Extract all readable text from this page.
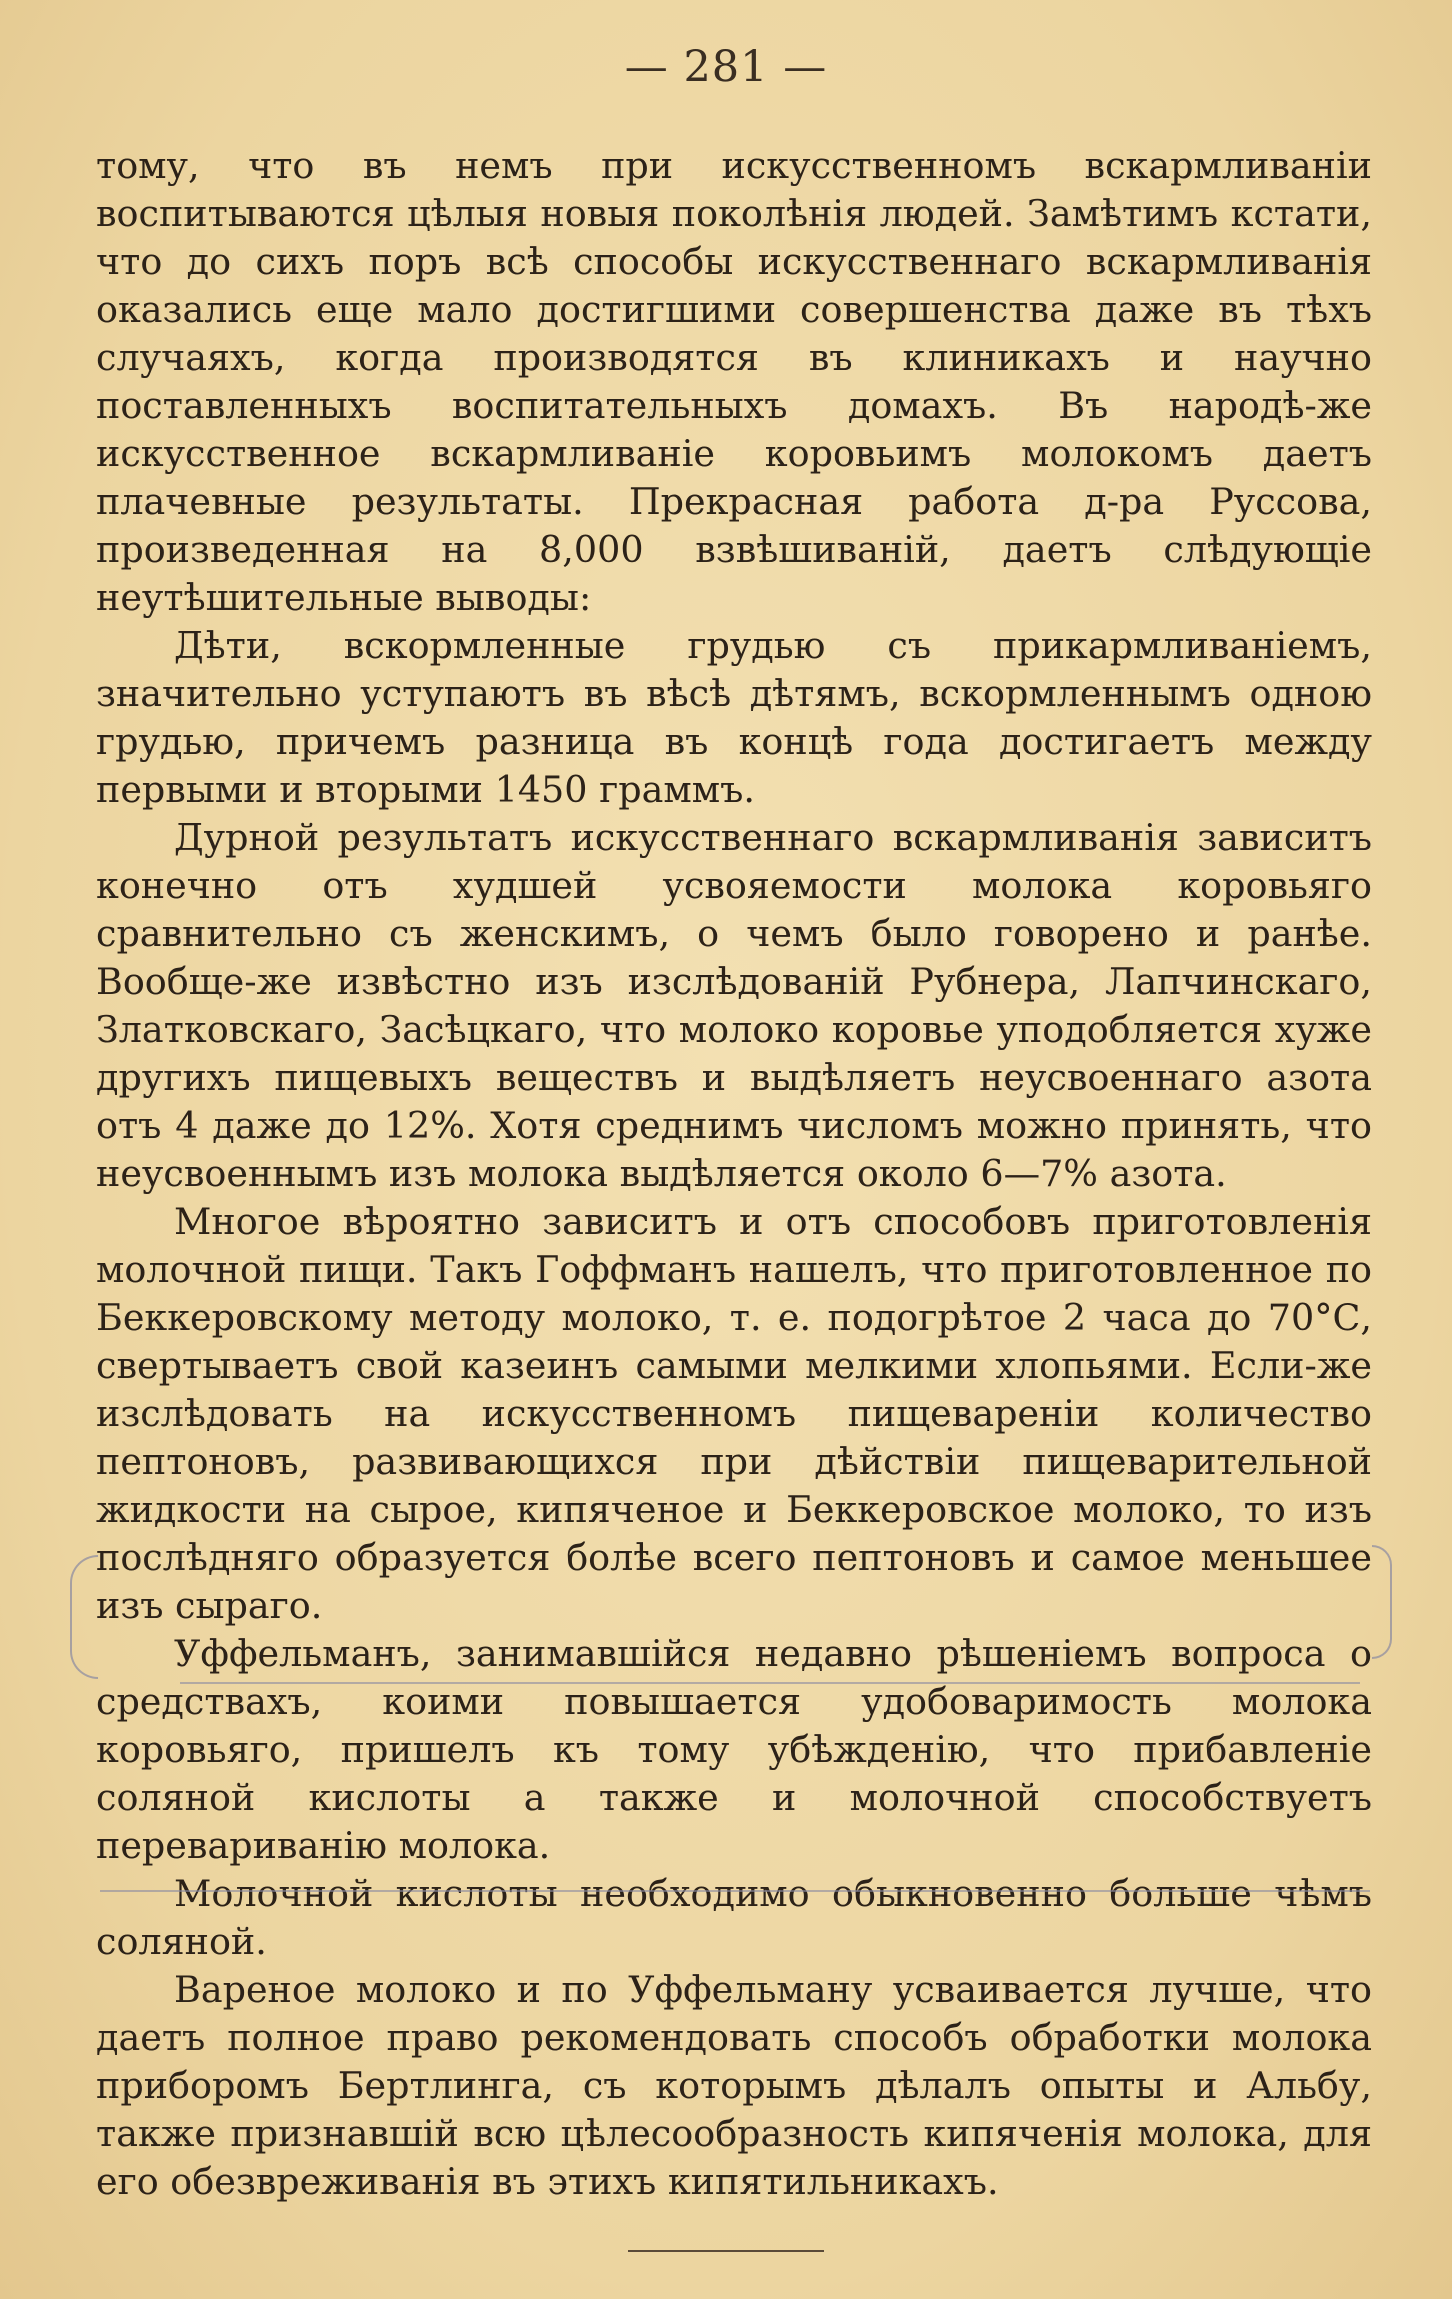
— 281 —

тому, что въ немъ при искусственномъ вскармливаніи воспитываются цѣлыя новыя поколѣнія людей. Замѣтимъ кстати, что до сихъ поръ всѣ способы искусственнаго вскармливанія оказались еще мало достигшими совершенства даже въ тѣхъ случаяхъ, когда производятся въ клиникахъ и научно поставленныхъ воспитательныхъ домахъ. Въ народѣ-же искусственное вскармливаніе коровьимъ молокомъ даетъ плачевные результаты. Прекрасная работа д-ра Руссова, произведенная на 8,000 взвѣшиваній, даетъ слѣдующіе неутѣшительные выводы:

Дѣти, вскормленные грудью съ прикармливаніемъ, значительно уступаютъ въ вѣсѣ дѣтямъ, вскормленнымъ одною грудью, причемъ разница въ концѣ года достигаетъ между первыми и вторыми 1450 граммъ.

Дурной результатъ искусственнаго вскармливанія зависитъ конечно отъ худшей усвояемости молока коровьяго сравнительно съ женскимъ, о чемъ было говорено и ранѣе. Вообще-же извѣстно изъ изслѣдованій Рубнера, Лапчинскаго, Златковскаго, Засѣцкаго, что молоко коровье уподобляется хуже другихъ пищевыхъ веществъ и выдѣляетъ неусвоеннаго азота отъ 4 даже до 12%. Хотя среднимъ числомъ можно принять, что неусвоеннымъ изъ молока выдѣляется около 6—7% азота.

Многое вѣроятно зависитъ и отъ способовъ приготовленія молочной пищи. Такъ Гоффманъ нашелъ, что приготовленное по Беккеровскому методу молоко, т. е. подогрѣтое 2 часа до 70°С, свертываетъ свой казеинъ самыми мелкими хлопьями. Если-же изслѣдовать на искусственномъ пищевареніи количество пептоновъ, развивающихся при дѣйствіи пищеварительной жидкости на сырое, кипяченое и Беккеровское молоко, то изъ послѣдняго образуется болѣе всего пептоновъ и самое меньшее изъ сыраго.

Уффельманъ, занимавшійся недавно рѣшеніемъ вопроса о средствахъ, коими повышается удобоваримость молока коровьяго, пришелъ къ тому убѣжденію, что прибавленіе соляной кислоты а также и молочной способствуетъ перевариванію молока.

Молочной кислоты необходимо обыкновенно больше чѣмъ соляной.

Вареное молоко и по Уффельману усваивается лучше, что даетъ полное право рекомендовать способъ обработки молока приборомъ Бертлинга, съ которымъ дѣлалъ опыты и Альбу, также признавшій всю цѣлесообразность кипяченія молока, для его обезвреживанія въ этихъ кипятильникахъ.
